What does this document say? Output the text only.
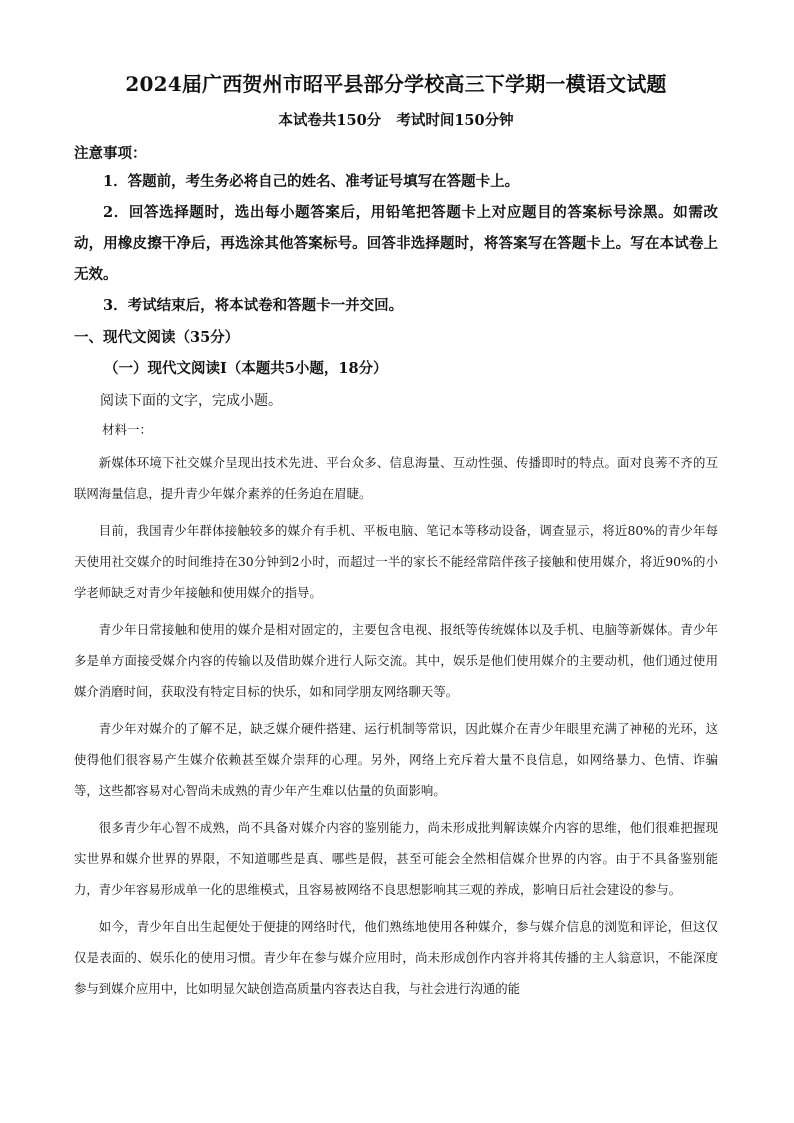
2024届广西贺州市昭平县部分学校高三下学期一模语文试题
本试卷共150分   考试时间150分钟
注意事项：

1．答题前，考生务必将自己的姓名、准考证号填写在答题卡上。

2．回答选择题时，选出每小题答案后，用铅笔把答题卡上对应题目的答案标号涂黑。如需改动，用橡皮擦干净后，再选涂其他答案标号。回答非选择题时，将答案写在答题卡上。写在本试卷上无效。

3．考试结束后，将本试卷和答题卡一并交回。

一、现代文阅读（35分）
（一）现代文阅读Ⅰ（本题共5小题，18分）
阅读下面的文字，完成小题。
材料一：

新媒体环境下社交媒介呈现出技术先进、平台众多、信息海量、互动性强、传播即时的特点。面对良莠不齐的互联网海量信息，提升青少年媒介素养的任务迫在眉睫。

目前，我国青少年群体接触较多的媒介有手机、平板电脑、笔记本等移动设备，调查显示，将近80%的青少年每天使用社交媒介的时间维持在30分钟到2小时，而超过一半的家长不能经常陪伴孩子接触和使用媒介，将近90%的小学老师缺乏对青少年接触和使用媒介的指导。

青少年日常接触和使用的媒介是相对固定的，主要包含电视、报纸等传统媒体以及手机、电脑等新媒体。青少年多是单方面接受媒介内容的传输以及借助媒介进行人际交流。其中，娱乐是他们使用媒介的主要动机，他们通过使用媒介消磨时间，获取没有特定目标的快乐，如和同学朋友网络聊天等。

青少年对媒介的了解不足，缺乏媒介硬件搭建、运行机制等常识，因此媒介在青少年眼里充满了神秘的光环，这使得他们很容易产生媒介依赖甚至媒介崇拜的心理。另外，网络上充斥着大量不良信息，如网络暴力、色情、诈骗等，这些都容易对心智尚未成熟的青少年产生难以估量的负面影响。

很多青少年心智不成熟，尚不具备对媒介内容的鉴别能力，尚未形成批判解读媒介内容的思维，他们很难把握现实世界和媒介世界的界限，不知道哪些是真、哪些是假，甚至可能会全然相信媒介世界的内容。由于不具备鉴别能力，青少年容易形成单一化的思维模式，且容易被网络不良思想影响其三观的养成，影响日后社会建设的参与。

如今，青少年自出生起便处于便捷的网络时代，他们熟练地使用各种媒介，参与媒介信息的浏览和评论，但这仅仅是表面的、娱乐化的使用习惯。青少年在参与媒介应用时，尚未形成创作内容并将其传播的主人翁意识，不能深度参与到媒介应用中，比如明显欠缺创造高质量内容表达自我，与社会进行沟通的能
